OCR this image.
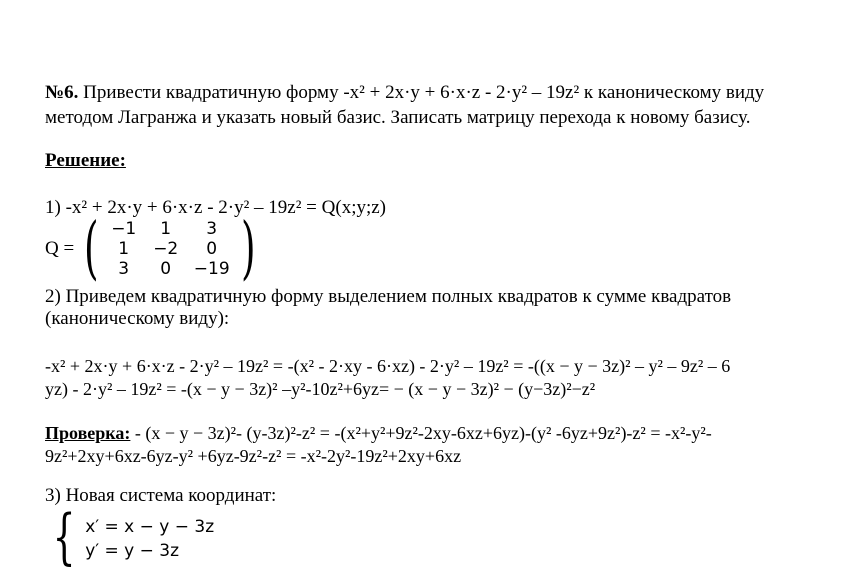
№6. Привести квадратичную форму -x² + 2x·y + 6·x·z - 2·y² – 19z² к каноническому виду
методом Лагранжа и указать новый базис. Записать матрицу перехода к новому базису.
Решение:
1) -x² + 2x·y + 6·x·z - 2·y² – 19z² = Q(x;y;z)
Q = ( −1	1	3
1	−2	0
3	0	−19 )
2) Приведем квадратичную форму выделением полных квадратов к сумме квадратов
(каноническому виду):
-x² + 2x·y + 6·x·z - 2·y² – 19z² = -(x² - 2·xy - 6·xz) - 2·y² – 19z² = -((x − y − 3z)² – y² – 9z² – 6
yz) - 2·y² – 19z² = -(x − y − 3z)² –y²-10z²+6yz= − (x − y − 3z)² − (y−3z)²−z²
Проверка: - (x − y − 3z)²- (y-3z)²-z² = -(x²+y²+9z²-2xy-6xz+6yz)-(y² -6yz+9z²)-z² = -x²-y²-
9z²+2xy+6xz-6yz-y² +6yz-9z²-z² = -x²-2y²-19z²+2xy+6xz
3) Новая система координат:
{ x′ = x − y − 3z
y′ = y − 3z
